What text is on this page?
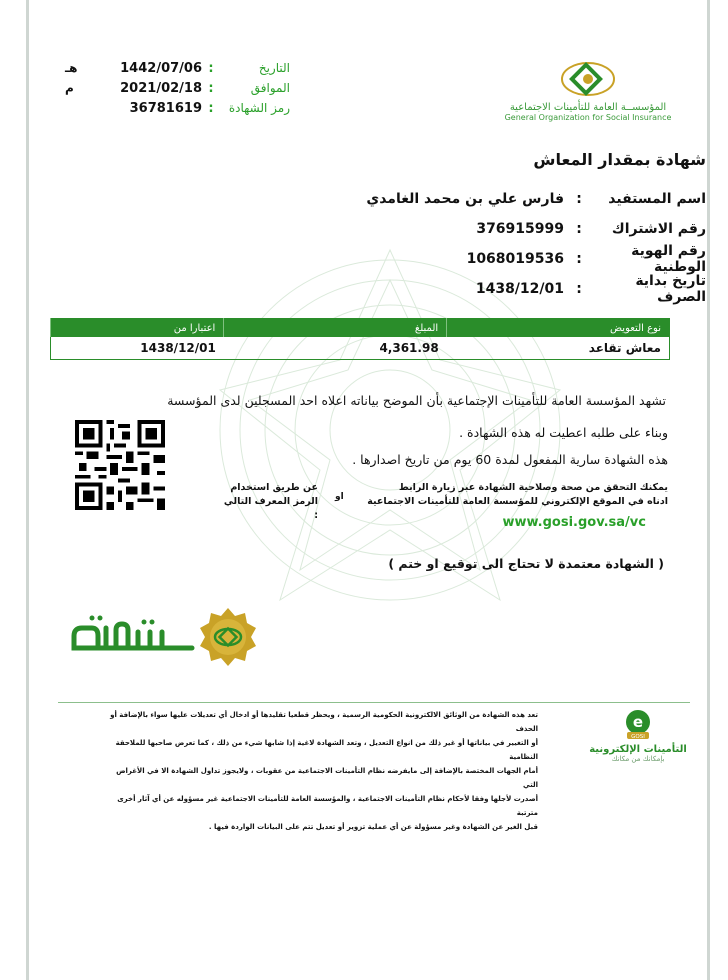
التاريخ
:
1442/07/06
هـ
الموافق
:
2021/02/18
م
رمز الشهادة
:
36781619	المؤسســة العامة للتأمينات الاجتماعية
General Organization for Social Insurance
شهادة بمقدار المعاش
اسم المستفيد
:
فارس علي بن محمد الغامدي
رقم الاشتراك
:
376915999
رقم الهوية الوطنية
:
1068019536
تاريخ بداية الصرف
:
1438/12/01
نوع التعويض	المبلغ	اعتبارا من
معاش تقاعد	4,361.98	1438/12/01
تشهد المؤسسة العامة للتأمينات الإجتماعية بأن الموضح بياناته اعلاه احد المسجلين لدى المؤسسة
وبناء على طلبه اعطيت له هذه الشهادة .
هذه الشهادة سارية المفعول لمدة 60 يوم من تاريخ اصدارها .
يمكنك التحقق من صحة وصلاحية الشهادة عبر زيارة الرابط
ادناه في الموقع الإلكتروني للمؤسسة العامة للتأمينات الاجتماعية
او
عن طريق استخدام
الرمز المعرف التالي :	www.gosi.gov.sa/vc
( الشهادة معتمدة لا تحتاج الى توقيع او ختم )
تعد هذه الشهادة من الوثائق الالكترونية الحكومية الرسمية ، ويحظر قطعيا تقليدها أو ادخال أي تعديلات عليها سواء بالإضافة أو الحذف
أو التغيير في بياناتها أو غير ذلك من انواع التعديل ، وتعد الشهادة لاغية إذا شابها شيء من ذلك ، كما تعرض صاحبها للملاحقة النظامية
أمام الجهات المختصة بالإضافة إلى مايفرضه نظام التأمينات الاجتماعية من عقوبات ، ولايجوز تداول الشهادة الا في الأغراض التي
أصدرت لأجلها وفقا لأحكام نظام التأمينات الاجتماعية ، والمؤسسة العامة للتأمينات الاجتماعية غير مسؤوله عن أي آثار أخرى مترتبة
قبل الغير عن الشهادة وغير مسؤولة عن أي عملية تزوير أو تعديل تتم على البيانات الواردة فيها .
e
GOSI
التأمينات الإلكترونية
بإمكانك من مكانك
